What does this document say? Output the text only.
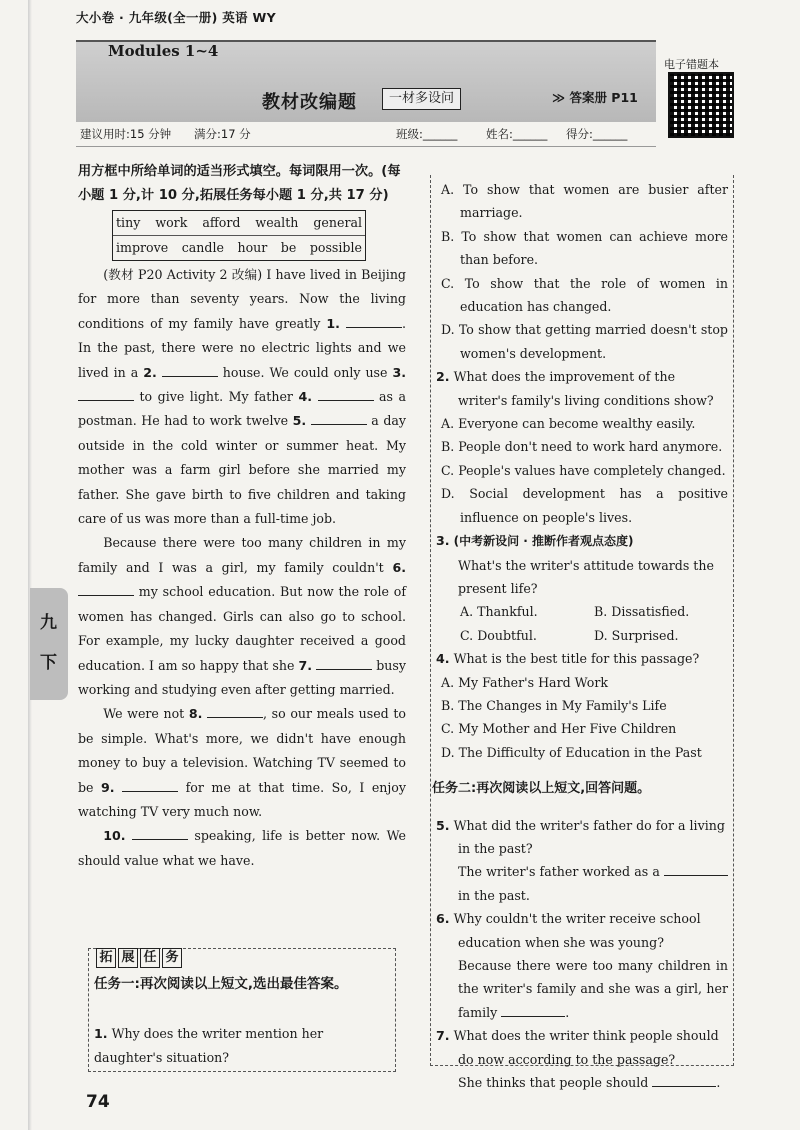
大小卷 · 九年级(全一册) 英语 WY
Modules 1~4
教材改编题	一材多设问	≫ 答案册 P11
电子错题本
建议用时:15 分钟 满分:17 分	班级:______ 姓名:______ 得分:______
用方框中所给单词的适当形式填空。每词限用一次。(每小题 1 分,计 10 分,拓展任务每小题 1 分,共 17 分)
tiny work afford wealth general
improve candle hour be possible

(教材 P20 Activity 2 改编) I have lived in Beijing for more than seventy years. Now the living conditions of my family have greatly 1.	. In the past, there were no electric lights and we lived in a 2.	house. We could only use 3.  to give light. My father 4.	as a postman. He had to work twelve 5.	a day outside in the cold winter or summer heat. My mother was a farm girl before she married my father. She gave birth to five children and taking care of us was more than a full-time job.

Because there were too many children in my family and I was a girl, my family couldn't 6.  my school education. But now the role of women has changed. Girls can also go to school. For example, my lucky daughter received a good education. I am so happy that she 7.	busy working and studying even after getting married.

We were not 8.	, so our meals used to be simple. What's more, we didn't have enough money to buy a television. Watching TV seemed to be 9.	for me at that time. So, I enjoy watching TV very much now.

10.	speaking, life is better now. We should value what we have.

拓 展 任 务
任务一:再次阅读以上短文,选出最佳答案。
1. Why does the writer mention her daughter's situation?

A. To show that women are busier after marriage.

B. To show that women can achieve more than before.

C. To show that the role of women in education has changed.

D. To show that getting married doesn't stop women's development.

2. What does the improvement of the writer's family's living conditions show?

A. Everyone can become wealthy easily.

B. People don't need to work hard anymore.

C. People's values have completely changed.

D. Social development has a positive influence on people's lives.

3. (中考新设问 · 推断作者观点态度)
What's the writer's attitude towards the present life?

A. Thankful.	B. Dissatisfied.
C. Doubtful.	D. Surprised.

4. What is the best title for this passage?

A. My Father's Hard Work

B. The Changes in My Family's Life

C. My Mother and Her Five Children

D. The Difficulty of Education in the Past

任务二:再次阅读以上短文,回答问题。

5. What did the writer's father do for a living in the past?

The writer's father worked as a  in the past.

6. Why couldn't the writer receive school education when she was young?

Because there were too many children in the writer's family and she was a girl, her family	.

7. What does the writer think people should do now according to the passage?

She thinks that people should	.

九
下
74
